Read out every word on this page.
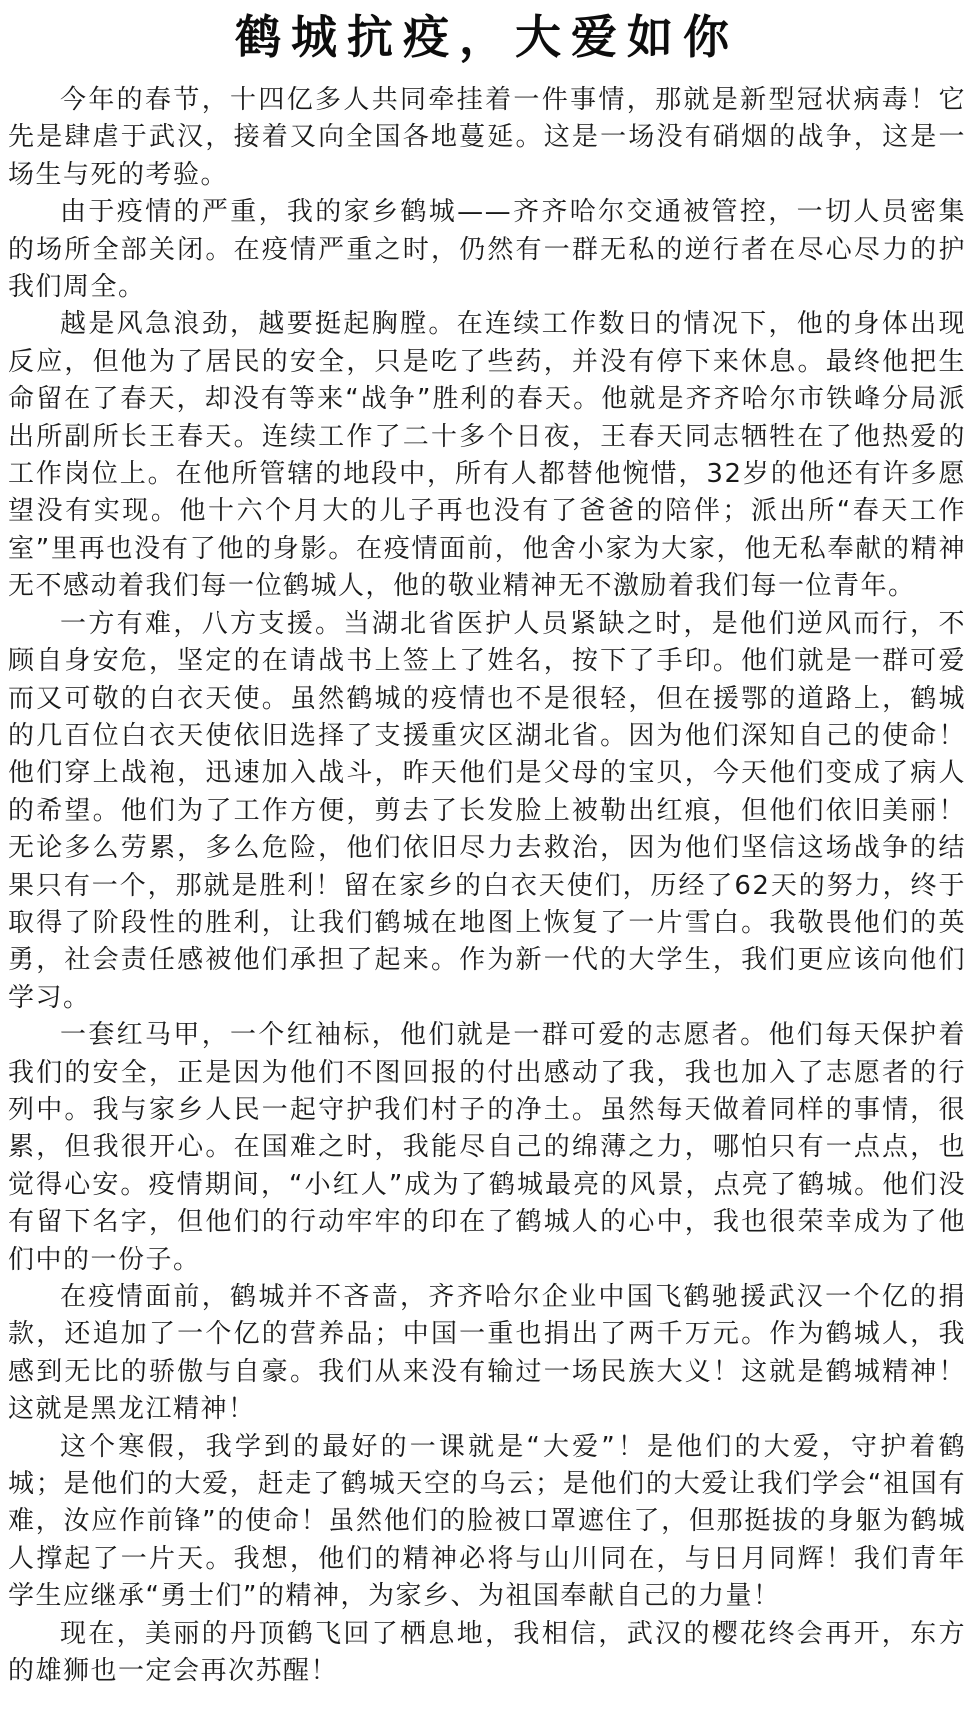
鹤城抗疫，大爱如你

今年的春节，十四亿多人共同牵挂着一件事情，那就是新型冠状病毒！它先是肆虐于武汉，接着又向全国各地蔓延。这是一场没有硝烟的战争，这是一场生与死的考验。

由于疫情的严重，我的家乡鹤城——齐齐哈尔交通被管控，一切人员密集的场所全部关闭。在疫情严重之时，仍然有一群无私的逆行者在尽心尽力的护我们周全。

越是风急浪劲，越要挺起胸膛。在连续工作数日的情况下，他的身体出现反应，但他为了居民的安全，只是吃了些药，并没有停下来休息。最终他把生命留在了春天，却没有等来“战争”胜利的春天。他就是齐齐哈尔市铁峰分局派出所副所长王春天。连续工作了二十多个日夜，王春天同志牺牲在了他热爱的工作岗位上。在他所管辖的地段中，所有人都替他惋惜，32岁的他还有许多愿望没有实现。他十六个月大的儿子再也没有了爸爸的陪伴；派出所“春天工作室”里再也没有了他的身影。在疫情面前，他舍小家为大家，他无私奉献的精神无不感动着我们每一位鹤城人，他的敬业精神无不激励着我们每一位青年。

一方有难，八方支援。当湖北省医护人员紧缺之时，是他们逆风而行，不顾自身安危，坚定的在请战书上签上了姓名，按下了手印。他们就是一群可爱而又可敬的白衣天使。虽然鹤城的疫情也不是很轻，但在援鄂的道路上，鹤城的几百位白衣天使依旧选择了支援重灾区湖北省。因为他们深知自己的使命！他们穿上战袍，迅速加入战斗，昨天他们是父母的宝贝，今天他们变成了病人的希望。他们为了工作方便，剪去了长发脸上被勒出红痕，但他们依旧美丽！无论多么劳累，多么危险，他们依旧尽力去救治，因为他们坚信这场战争的结果只有一个，那就是胜利！留在家乡的白衣天使们，历经了62天的努力，终于取得了阶段性的胜利，让我们鹤城在地图上恢复了一片雪白。我敬畏他们的英勇，社会责任感被他们承担了起来。作为新一代的大学生，我们更应该向他们学习。

一套红马甲，一个红袖标，他们就是一群可爱的志愿者。他们每天保护着我们的安全，正是因为他们不图回报的付出感动了我，我也加入了志愿者的行列中。我与家乡人民一起守护我们村子的净土。虽然每天做着同样的事情，很累，但我很开心。在国难之时，我能尽自己的绵薄之力，哪怕只有一点点，也觉得心安。疫情期间，“小红人”成为了鹤城最亮的风景，点亮了鹤城。他们没有留下名字，但他们的行动牢牢的印在了鹤城人的心中，我也很荣幸成为了他们中的一份子。

在疫情面前，鹤城并不吝啬，齐齐哈尔企业中国飞鹤驰援武汉一个亿的捐款，还追加了一个亿的营养品；中国一重也捐出了两千万元。作为鹤城人，我感到无比的骄傲与自豪。我们从来没有输过一场民族大义！这就是鹤城精神！这就是黑龙江精神！

这个寒假，我学到的最好的一课就是“大爱”！是他们的大爱，守护着鹤城；是他们的大爱，赶走了鹤城天空的乌云；是他们的大爱让我们学会“祖国有难，汝应作前锋”的使命！虽然他们的脸被口罩遮住了，但那挺拔的身躯为鹤城人撑起了一片天。我想，他们的精神必将与山川同在，与日月同辉！我们青年学生应继承“勇士们”的精神，为家乡、为祖国奉献自己的力量！

现在，美丽的丹顶鹤飞回了栖息地，我相信，武汉的樱花终会再开，东方的雄狮也一定会再次苏醒！
